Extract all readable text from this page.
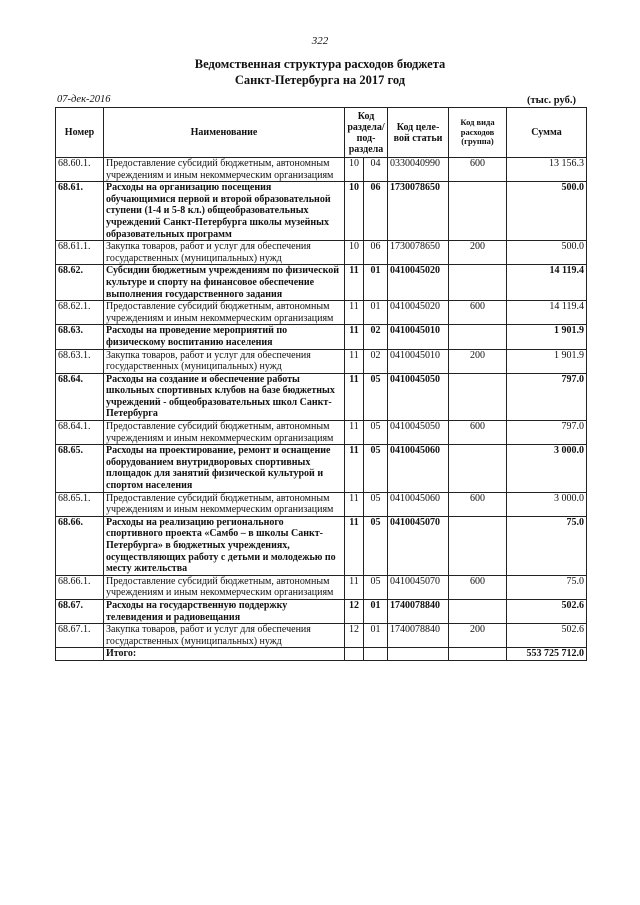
322
Ведомственная структура расходов бюджета
Санкт-Петербурга на 2017 год
07-дек-2016	(тыс. руб.)
Номер	Наименование	Код раздела/ под- раздела		Код целе- вой статьи	Код вида расходов (группа)	Сумма
68.60.1.	Предоставление субсидий бюджетным, автономным учреждениям и иным некоммерческим организациям	10	04	0330040990	600	13 156.3
68.61.	Расходы на организацию посещения обучающимися первой и второй образовательной ступени (1-4 и 5-8 кл.) общеобразовательных учреждений Санкт-Петербурга школы музейных образовательных программ	10	06	1730078650		500.0
68.61.1.	Закупка товаров, работ и услуг для обеспечения государственных (муниципальных) нужд	10	06	1730078650	200	500.0
68.62.	Субсидии бюджетным учреждениям по физической культуре и спорту на финансовое обеспечение выполнения государственного задания	11	01	0410045020		14 119.4
68.62.1.	Предоставление субсидий бюджетным, автономным учреждениям и иным некоммерческим организациям	11	01	0410045020	600	14 119.4
68.63.	Расходы на проведение мероприятий по физическому воспитанию населения	11	02	0410045010		1 901.9
68.63.1.	Закупка товаров, работ и услуг для обеспечения государственных (муниципальных) нужд	11	02	0410045010	200	1 901.9
68.64.	Расходы на создание и обеспечение работы школьных спортивных клубов на базе бюджетных учреждений - общеобразовательных школ Санкт-Петербурга	11	05	0410045050		797.0
68.64.1.	Предоставление субсидий бюджетным, автономным учреждениям и иным некоммерческим организациям	11	05	0410045050	600	797.0
68.65.	Расходы на проектирование, ремонт и оснащение оборудованием внутридворовых спортивных площадок для занятий физической культурой и спортом населения	11	05	0410045060		3 000.0
68.65.1.	Предоставление субсидий бюджетным, автономным учреждениям и иным некоммерческим организациям	11	05	0410045060	600	3 000.0
68.66.	Расходы на реализацию регионального спортивного проекта «Самбо – в школы Санкт-Петербурга» в бюджетных учреждениях, осуществляющих работу с детьми и молодежью по месту жительства	11	05	0410045070		75.0
68.66.1.	Предоставление субсидий бюджетным, автономным учреждениям и иным некоммерческим организациям	11	05	0410045070	600	75.0
68.67.	Расходы на государственную поддержку телевидения и радиовещания	12	01	1740078840		502.6
68.67.1.	Закупка товаров, работ и услуг для обеспечения государственных (муниципальных) нужд	12	01	1740078840	200	502.6
	Итого:					553 725 712.0
